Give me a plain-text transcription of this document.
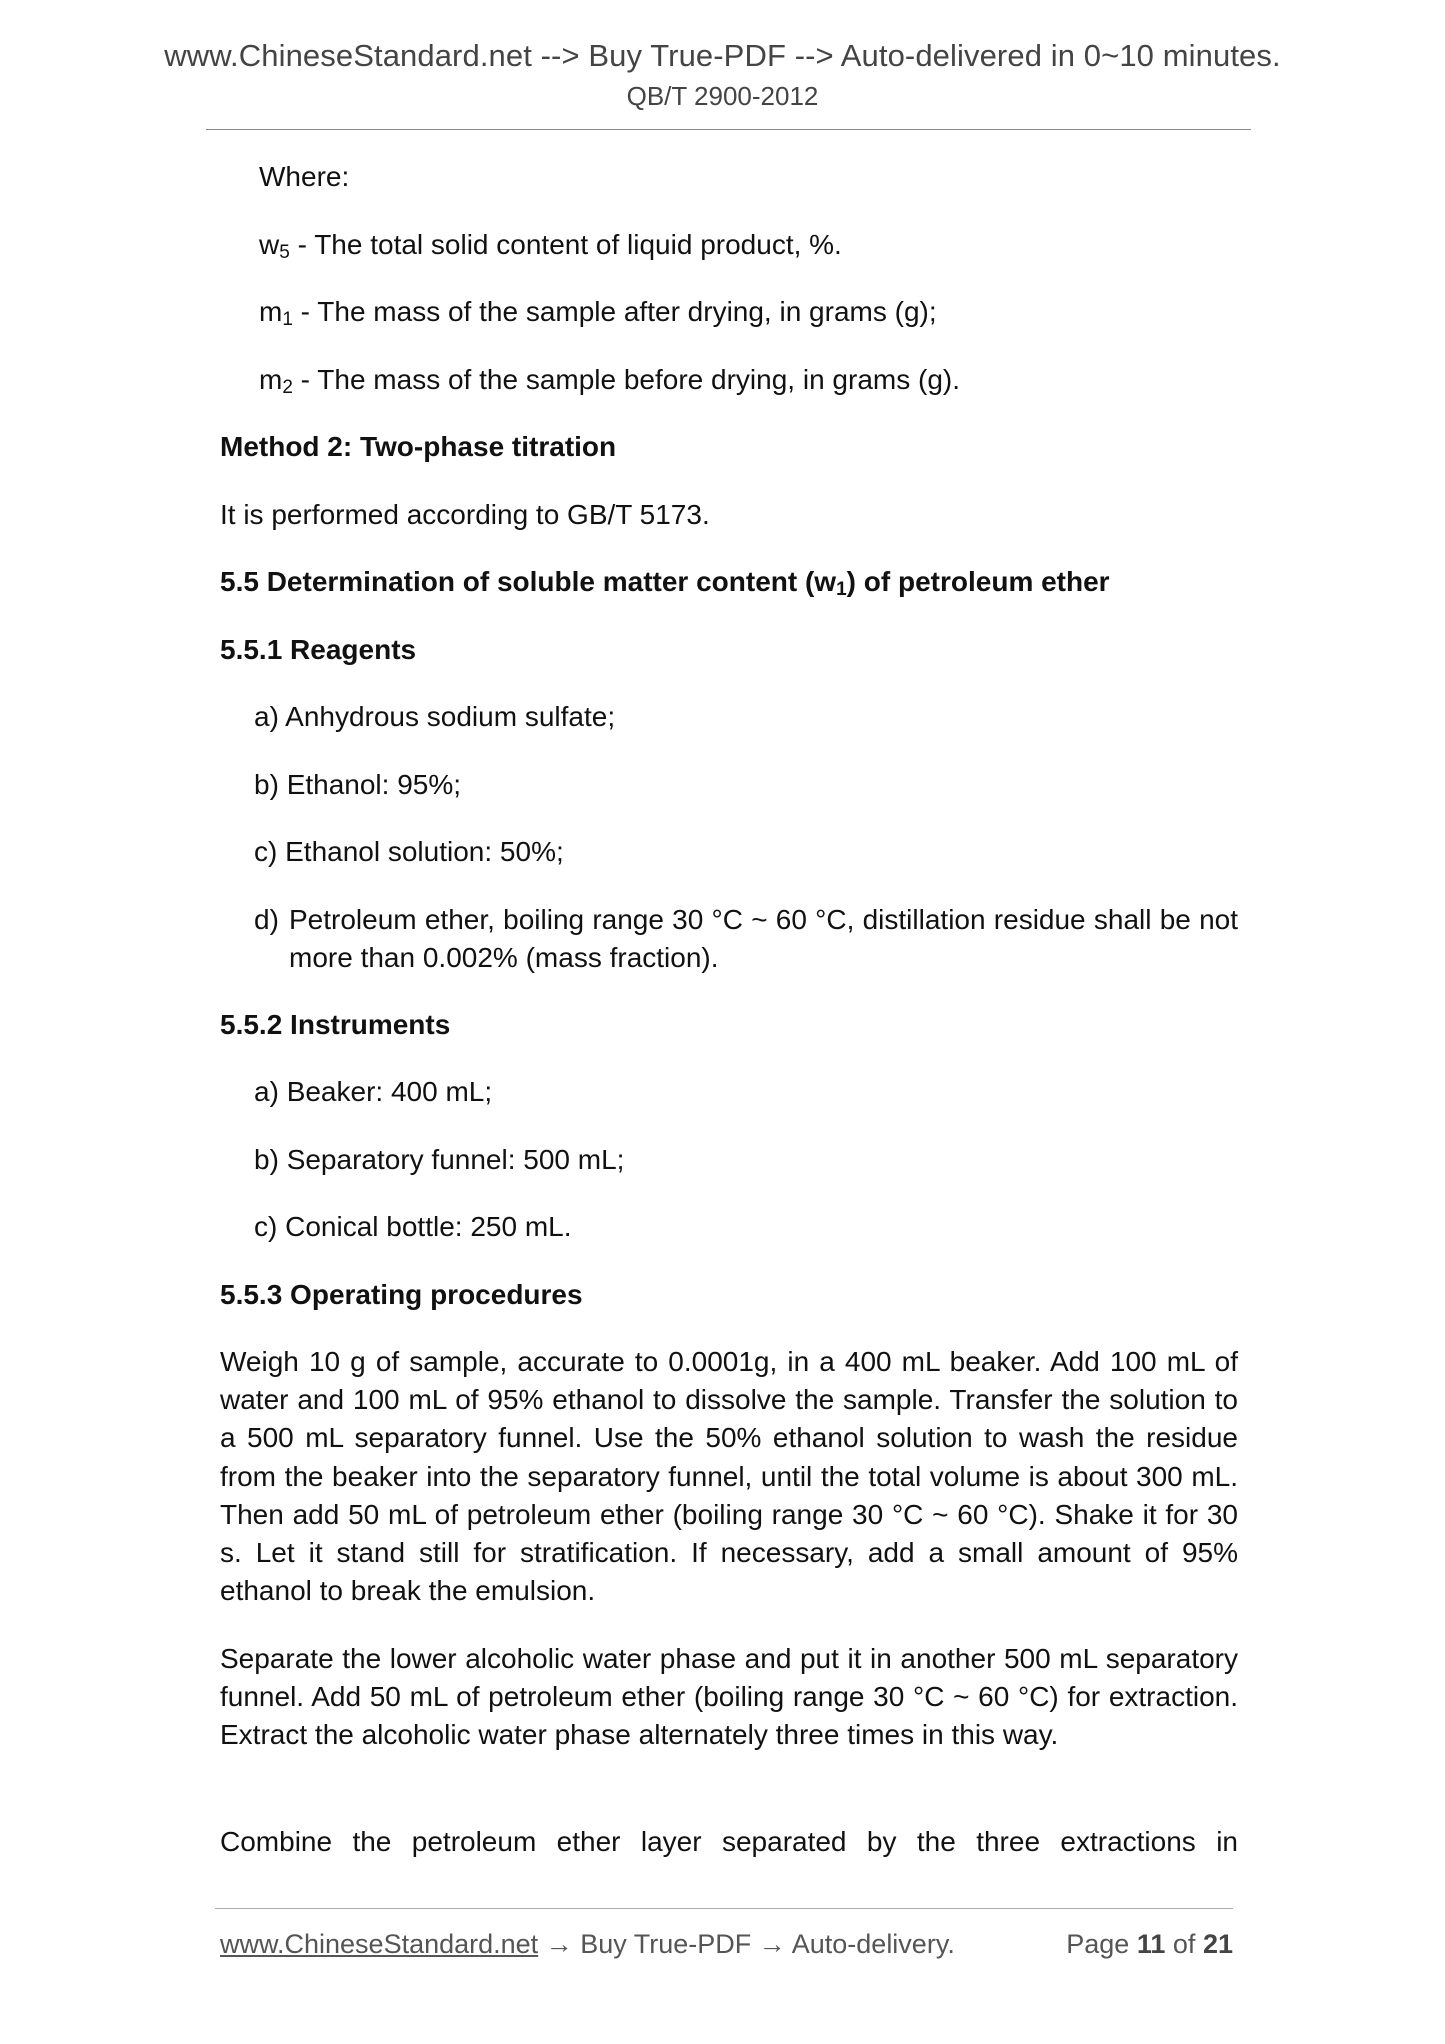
www.ChineseStandard.net --> Buy True-PDF --> Auto-delivered in 0~10 minutes.
QB/T 2900-2012
Where:
$w_5$ - The total solid content of liquid product, %.
$m_1$ - The mass of the sample after drying, in grams (g);
$m_2$ - The mass of the sample before drying, in grams (g).
Method 2: Two-phase titration
It is performed according to GB/T 5173.
5.5 Determination of soluble matter content $(w_1)$ of petroleum ether
5.5.1 Reagents
a) Anhydrous sodium sulfate;
b) Ethanol: 95%;
c) Ethanol solution: 50%;
d) Petroleum ether, boiling range 30 °C ~ 60 °C, distillation residue shall be not more than 0.002% (mass fraction).
5.5.2 Instruments
a) Beaker: 400 mL;
b) Separatory funnel: 500 mL;
c) Conical bottle: 250 mL.
5.5.3 Operating procedures
Weigh 10 g of sample, accurate to 0.0001g, in a 400 mL beaker. Add 100 mL of water and 100 mL of 95% ethanol to dissolve the sample. Transfer the solution to a 500 mL separatory funnel. Use the 50% ethanol solution to wash the residue from the beaker into the separatory funnel, until the total volume is about 300 mL. Then add 50 mL of petroleum ether (boiling range 30 °C ~ 60 °C). Shake it for 30 s. Let it stand still for stratification. If necessary, add a small amount of 95% ethanol to break the emulsion.
Separate the lower alcoholic water phase and put it in another 500 mL separatory funnel. Add 50 mL of petroleum ether (boiling range 30 °C ~ 60 °C) for extraction. Extract the alcoholic water phase alternately three times in this way.
Combine the petroleum ether layer separated by the three extractions in
www.ChineseStandard.net → Buy True-PDF → Auto-delivery.	Page 11 of 21
